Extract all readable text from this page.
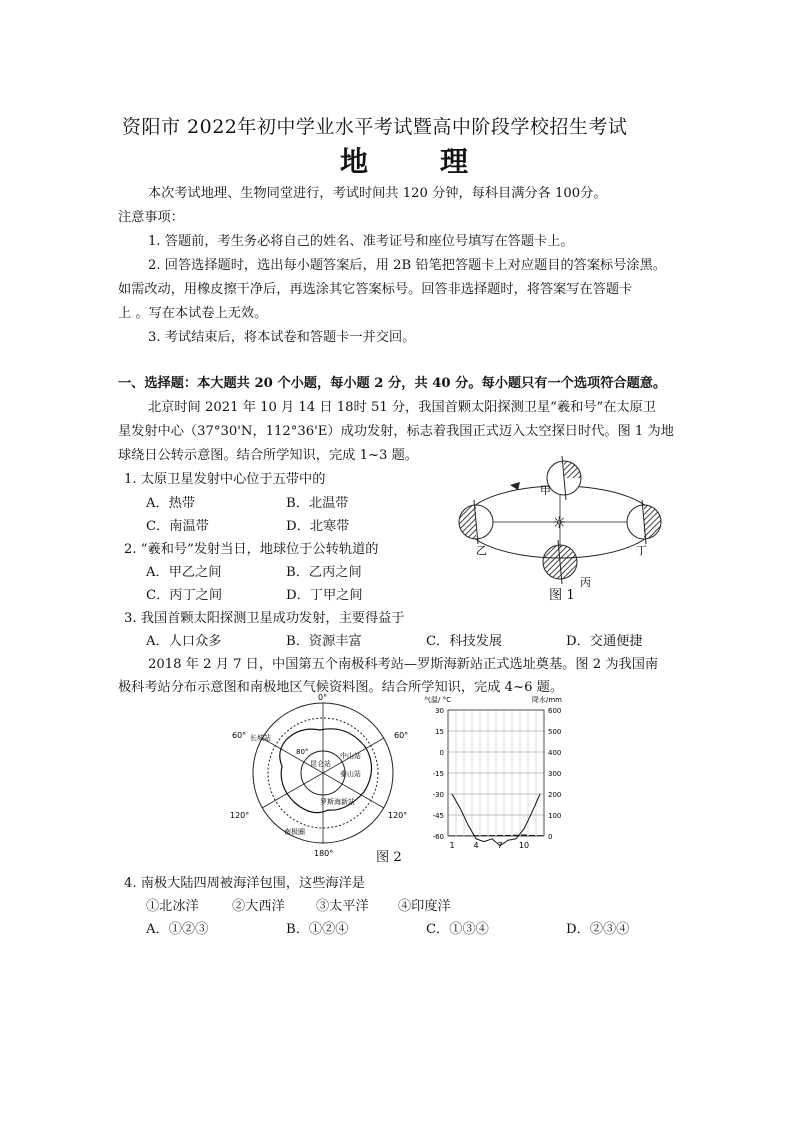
资阳市 2022年初中学业水平考试暨高中阶段学校招生考试
地 理
本次考试地理、生物同堂进行，考试时间共 120 分钟，每科目满分各 100分。
注意事项：
1. 答题前，考生务必将自己的姓名、准考证号和座位号填写在答题卡上。
2. 回答选择题时，选出每小题答案后，用 2B 铅笔把答题卡上对应题目的答案标号涂黑。
如需改动，用橡皮擦干净后，再选涂其它答案标号。回答非选择题时，将答案写在答题卡
上 。写在本试卷上无效。
3. 考试结束后，将本试卷和答题卡一并交回。
一、选择题：本大题共 20 个小题，每小题 2 分，共 40 分。每小题只有一个选项符合题意。
北京时间 2021 年 10 月 14 日 18时 51 分，我国首颗太阳探测卫星“羲和号”在太原卫
星发射中心（37°30'N，112°36'E）成功发射，标志着我国正式迈入太空探日时代。图 1 为地
球绕日公转示意图。结合所学知识，完成 1~3 题。
1. 太原卫星发射中心位于五带中的
A．热带	B．北温带
C．南温带	D．北寒带
2. “羲和号”发射当日，地球位于公转轨道的
A．甲乙之间	B．乙丙之间
C．丙丁之间	D．丁甲之间
3. 我国首颗太阳探测卫星成功发射，主要得益于
A．人口众多	B．资源丰富	C．科技发展	D．交通便捷
2018 年 2 月 7 日，中国第五个南极科考站—罗斯海新站正式选址奠基。图 2 为我国南
极科考站分布示意图和南极地区气候资料图。结合所学知识，完成 4~6 题。
甲
乙	丁
丙
☼
图 1
0°
60°	60°
120°	120°
180°
80°
长城站
中山站
昆仑站
泰山站
罗斯海新站
南极圈
气温/ °C	降水/mm
30
15
0
-15
-30
-45
-60
600
500
400
300
200
100
0
1 4 7 10
图 2
4. 南极大陆四周被海洋包围，这些海洋是
①北冰洋	②大西洋 ③太平洋 ④印度洋
A．①②③	B．①②④	C．①③④	D．②③④
